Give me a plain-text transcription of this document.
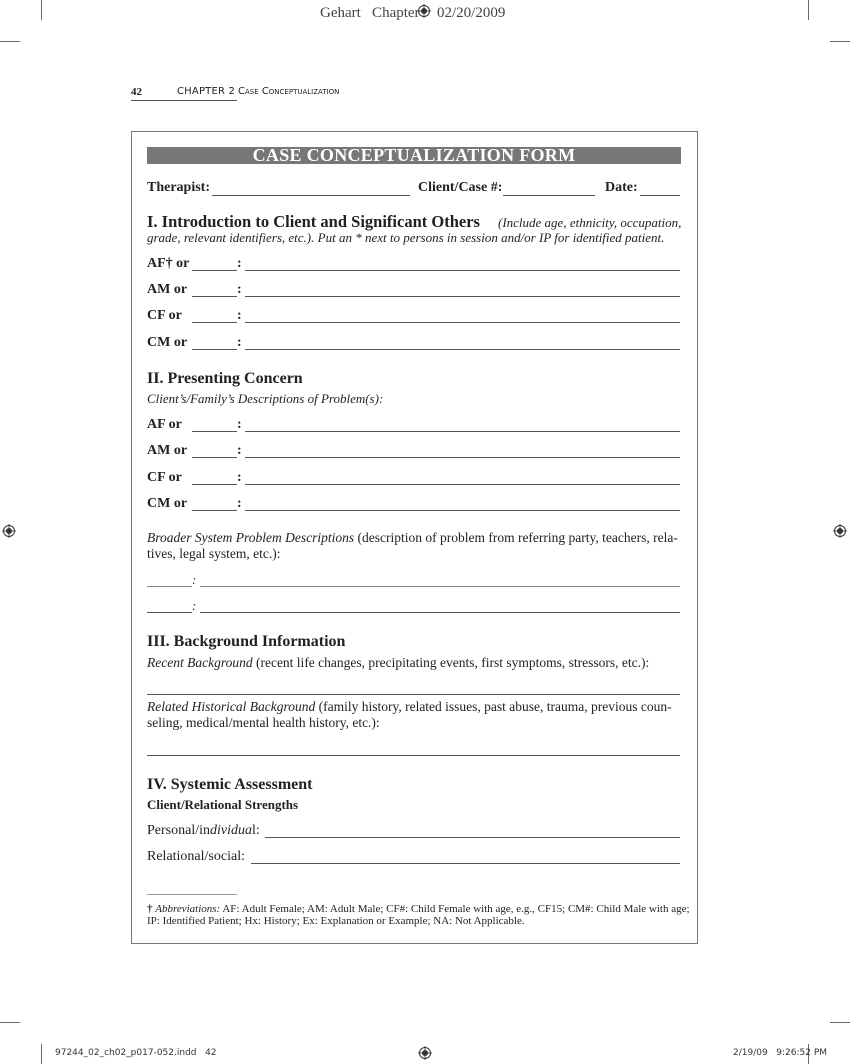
Gehart   Chapter 02/20/2009
42	CHAPTER 2 Case Conceptualization
CASE CONCEPTUALIZATION FORM
Therapist:	Client/Case #:	Date:
I. Introduction to Client and Significant Others (Include age, ethnicity, occupation,
grade, relevant identifiers, etc.). Put an * next to persons in session and/or IP for identified patient.
AF† or	:
AM or	:
CF or	:
CM or	:
II. Presenting Concern
Client’s/Family’s Descriptions of Problem(s):
AF or	:
AM or	:
CF or	:
CM or	:
Broader System Problem Descriptions (description of problem from referring party, teachers, rela-
tives, legal system, etc.):
:
:
III. Background Information
Recent Background (recent life changes, precipitating events, first symptoms, stressors, etc.):
Related Historical Background (family history, related issues, past abuse, trauma, previous coun-
seling, medical/mental health history, etc.):
IV. Systemic Assessment
Client/Relational Strengths
Personal/individual:
Relational/social:
† Abbreviations: AF: Adult Female; AM: Adult Male; CF#: Child Female with age, e.g., CF15; CM#: Child Male with age;
IP: Identified Patient; Hx: History; Ex: Explanation or Example; NA: Not Applicable.
97244_02_ch02_p017-052.indd   42	2/19/09   9:26:52 PM
